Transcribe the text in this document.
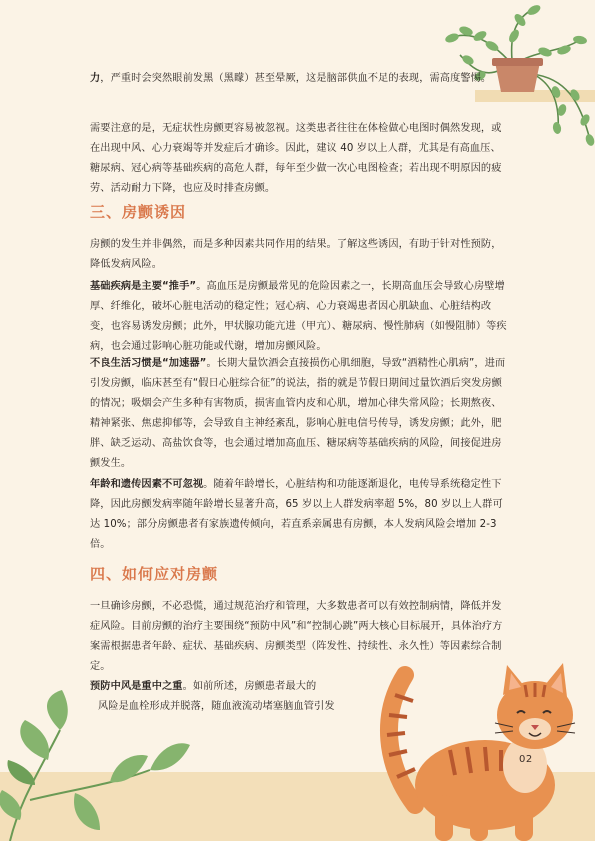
力，严重时会突然眼前发黑（黑矇）甚至晕厥，这是脑部供血不足的表现，需高度警惕。

需要注意的是，无症状性房颤更容易被忽视。这类患者往往在体检做心电图时偶然发现，或在出现中风、心力衰竭等并发症后才确诊。因此，建议 40 岁以上人群，尤其是有高血压、糖尿病、冠心病等基础疾病的高危人群，每年至少做一次心电图检查；若出现不明原因的疲劳、活动耐力下降，也应及时排查房颤。

三、房颤诱因

房颤的发生并非偶然，而是多种因素共同作用的结果。了解这些诱因，有助于针对性预防，降低发病风险。

基础疾病是主要“推手”。高血压是房颤最常见的危险因素之一，长期高血压会导致心房壁增厚、纤维化，破坏心脏电活动的稳定性；冠心病、心力衰竭患者因心肌缺血、心脏结构改变，也容易诱发房颤；此外，甲状腺功能亢进（甲亢）、糖尿病、慢性肺病（如慢阻肺）等疾病，也会通过影响心脏功能或代谢，增加房颤风险。

不良生活习惯是“加速器”。长期大量饮酒会直接损伤心肌细胞，导致“酒精性心肌病”，进而引发房颤，临床甚至有“假日心脏综合征”的说法，指的就是节假日期间过量饮酒后突发房颤的情况；吸烟会产生多种有害物质，损害血管内皮和心肌，增加心律失常风险；长期熬夜、精神紧张、焦虑抑郁等，会导致自主神经紊乱，影响心脏电信号传导，诱发房颤；此外，肥胖、缺乏运动、高盐饮食等，也会通过增加高血压、糖尿病等基础疾病的风险，间接促进房颤发生。

年龄和遗传因素不可忽视。随着年龄增长，心脏结构和功能逐渐退化，电传导系统稳定性下降，因此房颤发病率随年龄增长显著升高，65 岁以上人群发病率超 5%，80 岁以上人群可达 10%；部分房颤患者有家族遗传倾向，若直系亲属患有房颤，本人发病风险会增加 2-3 倍。

四、如何应对房颤

一旦确诊房颤，不必恐慌，通过规范治疗和管理，大多数患者可以有效控制病情，降低并发症风险。目前房颤的治疗主要围绕“预防中风”和“控制心跳”两大核心目标展开，具体治疗方案需根据患者年龄、症状、基础疾病、房颤类型（阵发性、持续性、永久性）等因素综合制定。

预防中风是重中之重。如前所述，房颤患者最大的
风险是血栓形成并脱落，随血液流动堵塞脑血管引发

02
